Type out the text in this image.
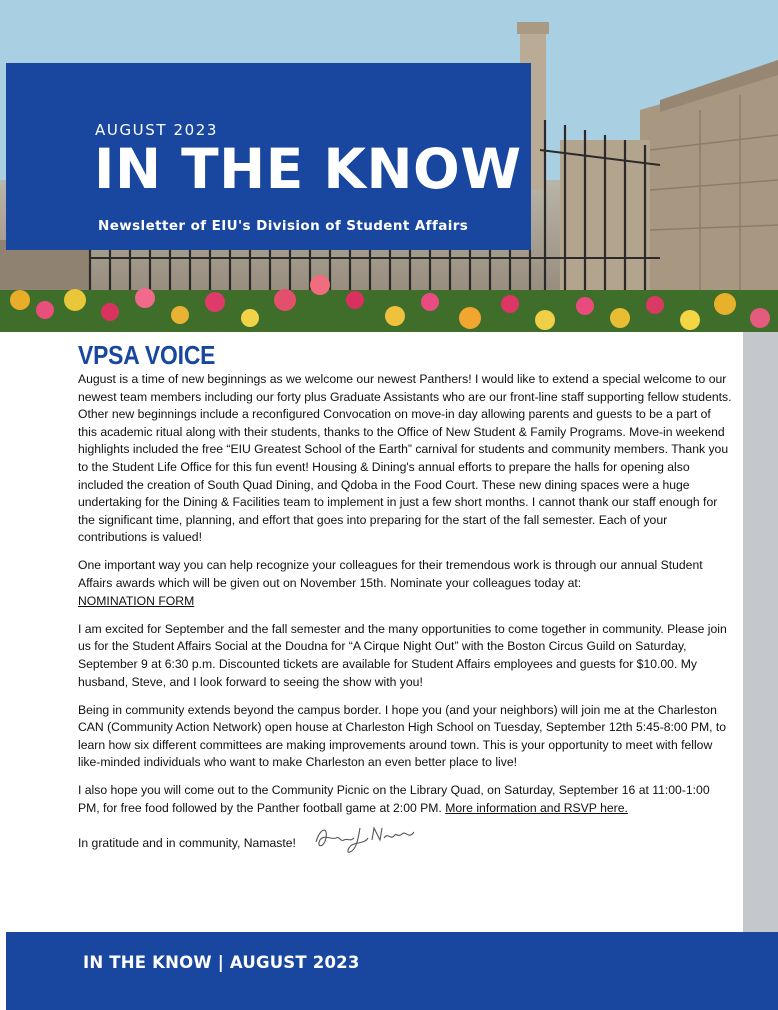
AUGUST 2023
IN THE KNOW
Newsletter of EIU's Division of Student Affairs
VPSA VOICE

August is a time of new beginnings as we welcome our newest Panthers! I would like to extend a special welcome to our newest team members including our forty plus Graduate Assistants who are our front-line staff supporting fellow students. Other new beginnings include a reconfigured Convocation on move-in day allowing parents and guests to be a part of this academic ritual along with their students, thanks to the Office of New Student & Family Programs. Move-in weekend highlights included the free “EIU Greatest School of the Earth” carnival for students and community members. Thank you to the Student Life Office for this fun event! Housing & Dining's annual efforts to prepare the halls for opening also included the creation of South Quad Dining, and Qdoba in the Food Court. These new dining spaces were a huge undertaking for the Dining & Facilities team to implement in just a few short months. I cannot thank our staff enough for the significant time, planning, and effort that goes into preparing for the start of the fall semester. Each of your contributions is valued!

One important way you can help recognize your colleagues for their tremendous work is through our annual Student Affairs awards which will be given out on November 15th. Nominate your colleagues today at:
NOMINATION FORM

I am excited for September and the fall semester and the many opportunities to come together in community. Please join us for the Student Affairs Social at the Doudna for “A Cirque Night Out” with the Boston Circus Guild on Saturday, September 9 at 6:30 p.m. Discounted tickets are available for Student Affairs employees and guests for $10.00. My husband, Steve, and I look forward to seeing the show with you!

Being in community extends beyond the campus border. I hope you (and your neighbors) will join me at the Charleston CAN (Community Action Network) open house at Charleston High School on Tuesday, September 12th 5:45-8:00 PM, to learn how six different committees are making improvements around town. This is your opportunity to meet with fellow like-minded individuals who want to make Charleston an even better place to live!

I also hope you will come out to the Community Picnic on the Library Quad, on Saturday, September 16 at 11:00-1:00 PM, for free food followed by the Panther football game at 2:00 PM. More information and RSVP here.

In gratitude and in community, Namaste!
IN THE KNOW | AUGUST 2023
